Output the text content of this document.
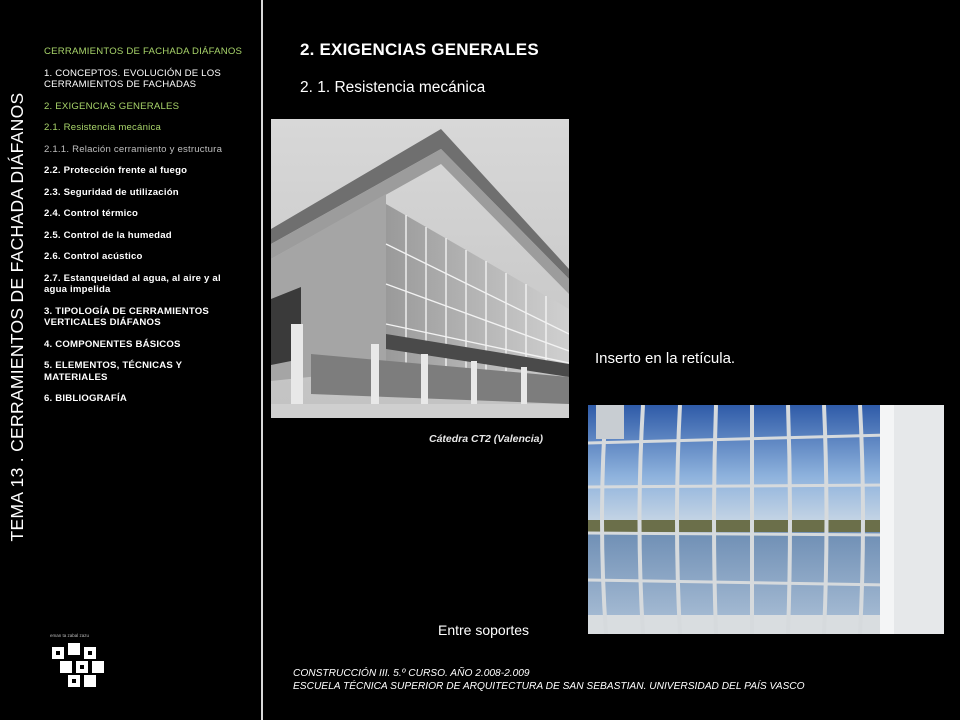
TEMA 13 . CERRAMIENTOS DE FACHADA DIÁFANOS
CERRAMIENTOS DE FACHADA DIÁFANOS
1. CONCEPTOS. EVOLUCIÓN DE LOS CERRAMIENTOS DE FACHADAS
2. EXIGENCIAS GENERALES
2.1. Resistencia mecánica
2.1.1. Relación cerramiento y estructura
2.2. Protección frente al fuego
2.3. Seguridad de utilización
2.4. Control térmico
2.5. Control de la humedad
2.6. Control acústico
2.7. Estanqueidad al agua, al aire y al agua impelida
3. TIPOLOGÍA DE CERRAMIENTOS VERTICALES DIÁFANOS
4. COMPONENTES BÁSICOS
5. ELEMENTOS, TÉCNICAS Y MATERIALES
6. BIBLIOGRAFÍA
eman ta zabal zazu
2. EXIGENCIAS GENERALES
2. 1. Resistencia mecánica
Cátedra CT2 (Valencia)
Inserto en la retícula.
Entre soportes
CONSTRUCCIÓN III. 5.º CURSO. AÑO 2.008-2.009
ESCUELA TÉCNICA SUPERIOR DE ARQUITECTURA DE SAN SEBASTIAN. UNIVERSIDAD DEL PAÍS VASCO
